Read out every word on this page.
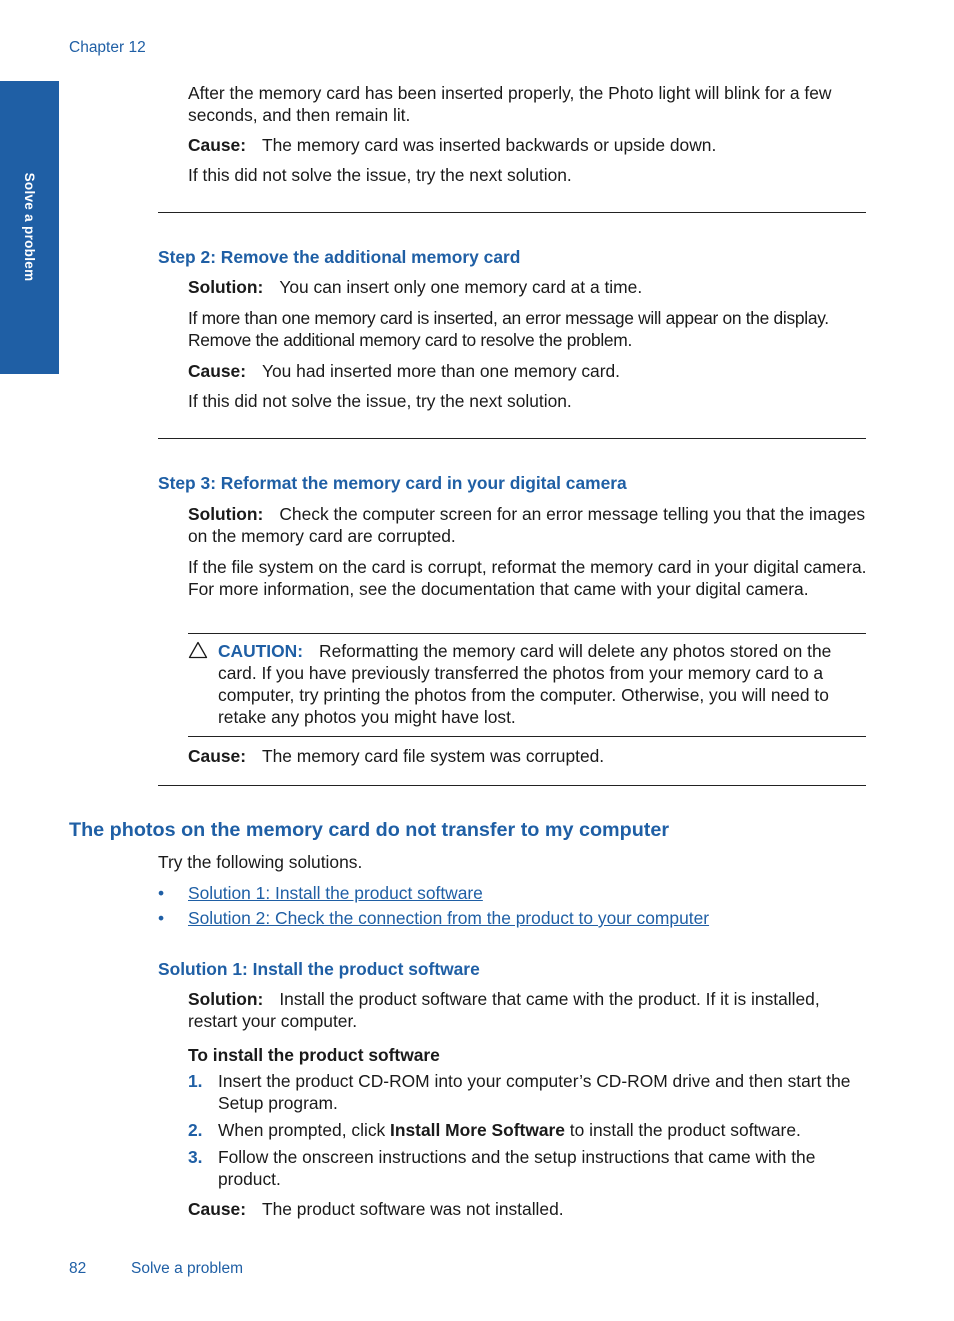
Chapter 12
Solve a problem

After the memory card has been inserted properly, the Photo light will blink for a few seconds, and then remain lit.

Cause: The memory card was inserted backwards or upside down.

If this did not solve the issue, try the next solution.

Step 2: Remove the additional memory card

Solution: You can insert only one memory card at a time.

If more than one memory card is inserted, an error message will appear on the display. Remove the additional memory card to resolve the problem.

Cause: You had inserted more than one memory card.

If this did not solve the issue, try the next solution.

Step 3: Reformat the memory card in your digital camera

Solution: Check the computer screen for an error message telling you that the images on the memory card are corrupted.

If the file system on the card is corrupt, reformat the memory card in your digital camera. For more information, see the documentation that came with your digital camera.

CAUTION: Reformatting the memory card will delete any photos stored on the card. If you have previously transferred the photos from your memory card to a computer, try printing the photos from the computer. Otherwise, you will need to retake any photos you might have lost.

Cause: The memory card file system was corrupted.

The photos on the memory card do not transfer to my computer

Try the following solutions.

• Solution 1: Install the product software
• Solution 2: Check the connection from the product to your computer
Solution 1: Install the product software

Solution: Install the product software that came with the product. If it is installed, restart your computer.

To install the product software
1. Insert the product CD-ROM into your computer’s CD-ROM drive and then start the Setup program.

2. When prompted, click Install More Software to install the product software.

3. Follow the onscreen instructions and the setup instructions that came with the product.

Cause: The product software was not installed.

82	Solve a problem
